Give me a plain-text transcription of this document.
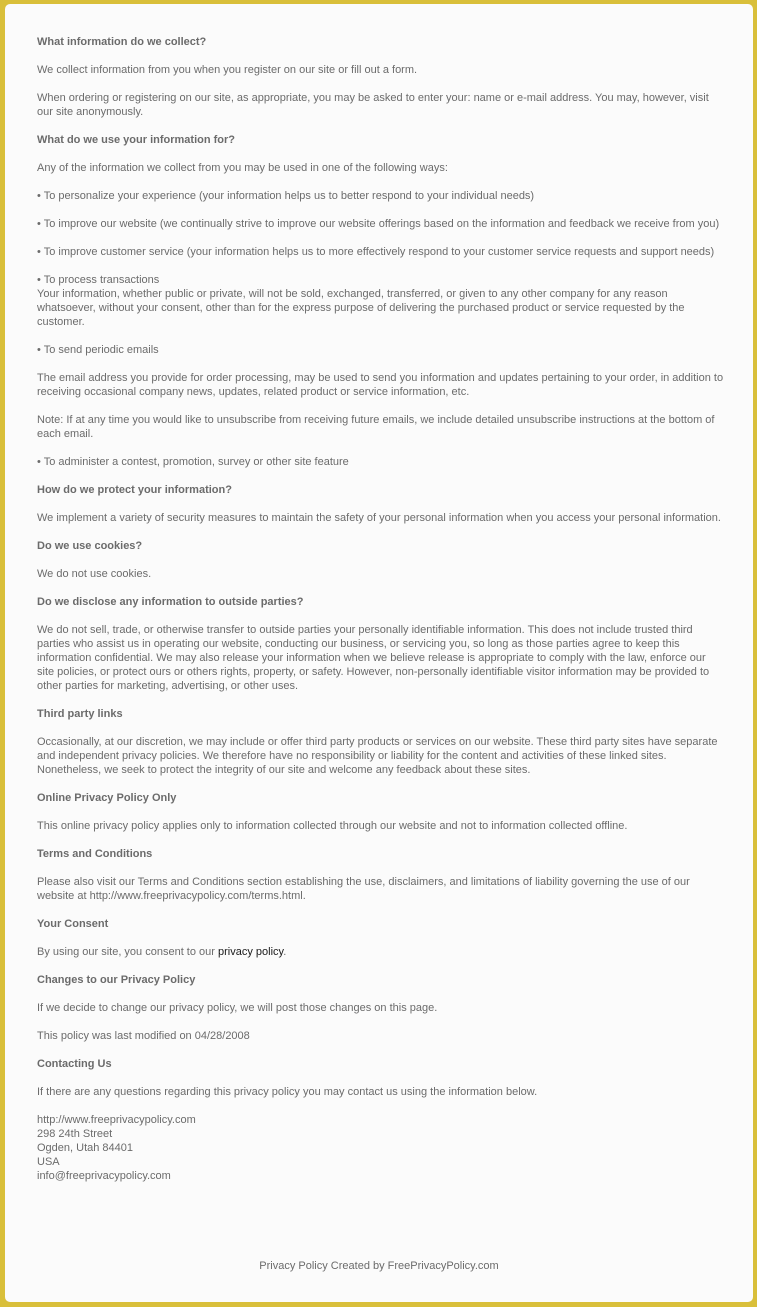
What information do we collect?

We collect information from you when you register on our site or fill out a form.

When ordering or registering on our site, as appropriate, you may be asked to enter your: name or e-mail address. You may, however, visit our site anonymously.

What do we use your information for?

Any of the information we collect from you may be used in one of the following ways:

• To personalize your experience (your information helps us to better respond to your individual needs)

• To improve our website (we continually strive to improve our website offerings based on the information and feedback we receive from you)

• To improve customer service (your information helps us to more effectively respond to your customer service requests and support needs)

• To process transactions

Your information, whether public or private, will not be sold, exchanged, transferred, or given to any other company for any reason whatsoever, without your consent, other than for the express purpose of delivering the purchased product or service requested by the customer.

• To send periodic emails

The email address you provide for order processing, may be used to send you information and updates pertaining to your order, in addition to receiving occasional company news, updates, related product or service information, etc.

Note: If at any time you would like to unsubscribe from receiving future emails, we include detailed unsubscribe instructions at the bottom of each email.

• To administer a contest, promotion, survey or other site feature

How do we protect your information?

We implement a variety of security measures to maintain the safety of your personal information when you access your personal information.

Do we use cookies?

We do not use cookies.

Do we disclose any information to outside parties?

We do not sell, trade, or otherwise transfer to outside parties your personally identifiable information. This does not include trusted third parties who assist us in operating our website, conducting our business, or servicing you, so long as those parties agree to keep this information confidential. We may also release your information when we believe release is appropriate to comply with the law, enforce our site policies, or protect ours or others rights, property, or safety. However, non-personally identifiable visitor information may be provided to other parties for marketing, advertising, or other uses.

Third party links

Occasionally, at our discretion, we may include or offer third party products or services on our website. These third party sites have separate and independent privacy policies. We therefore have no responsibility or liability for the content and activities of these linked sites. Nonetheless, we seek to protect the integrity of our site and welcome any feedback about these sites.

Online Privacy Policy Only

This online privacy policy applies only to information collected through our website and not to information collected offline.

Terms and Conditions

Please also visit our Terms and Conditions section establishing the use, disclaimers, and limitations of liability governing the use of our website at http://www.freeprivacypolicy.com/terms.html.

Your Consent

By using our site, you consent to our privacy policy.

Changes to our Privacy Policy

If we decide to change our privacy policy, we will post those changes on this page.

This policy was last modified on 04/28/2008

Contacting Us

If there are any questions regarding this privacy policy you may contact us using the information below.

http://www.freeprivacypolicy.com
298 24th Street
Ogden, Utah 84401
USA
info@freeprivacypolicy.com
Privacy Policy Created by FreePrivacyPolicy.com
